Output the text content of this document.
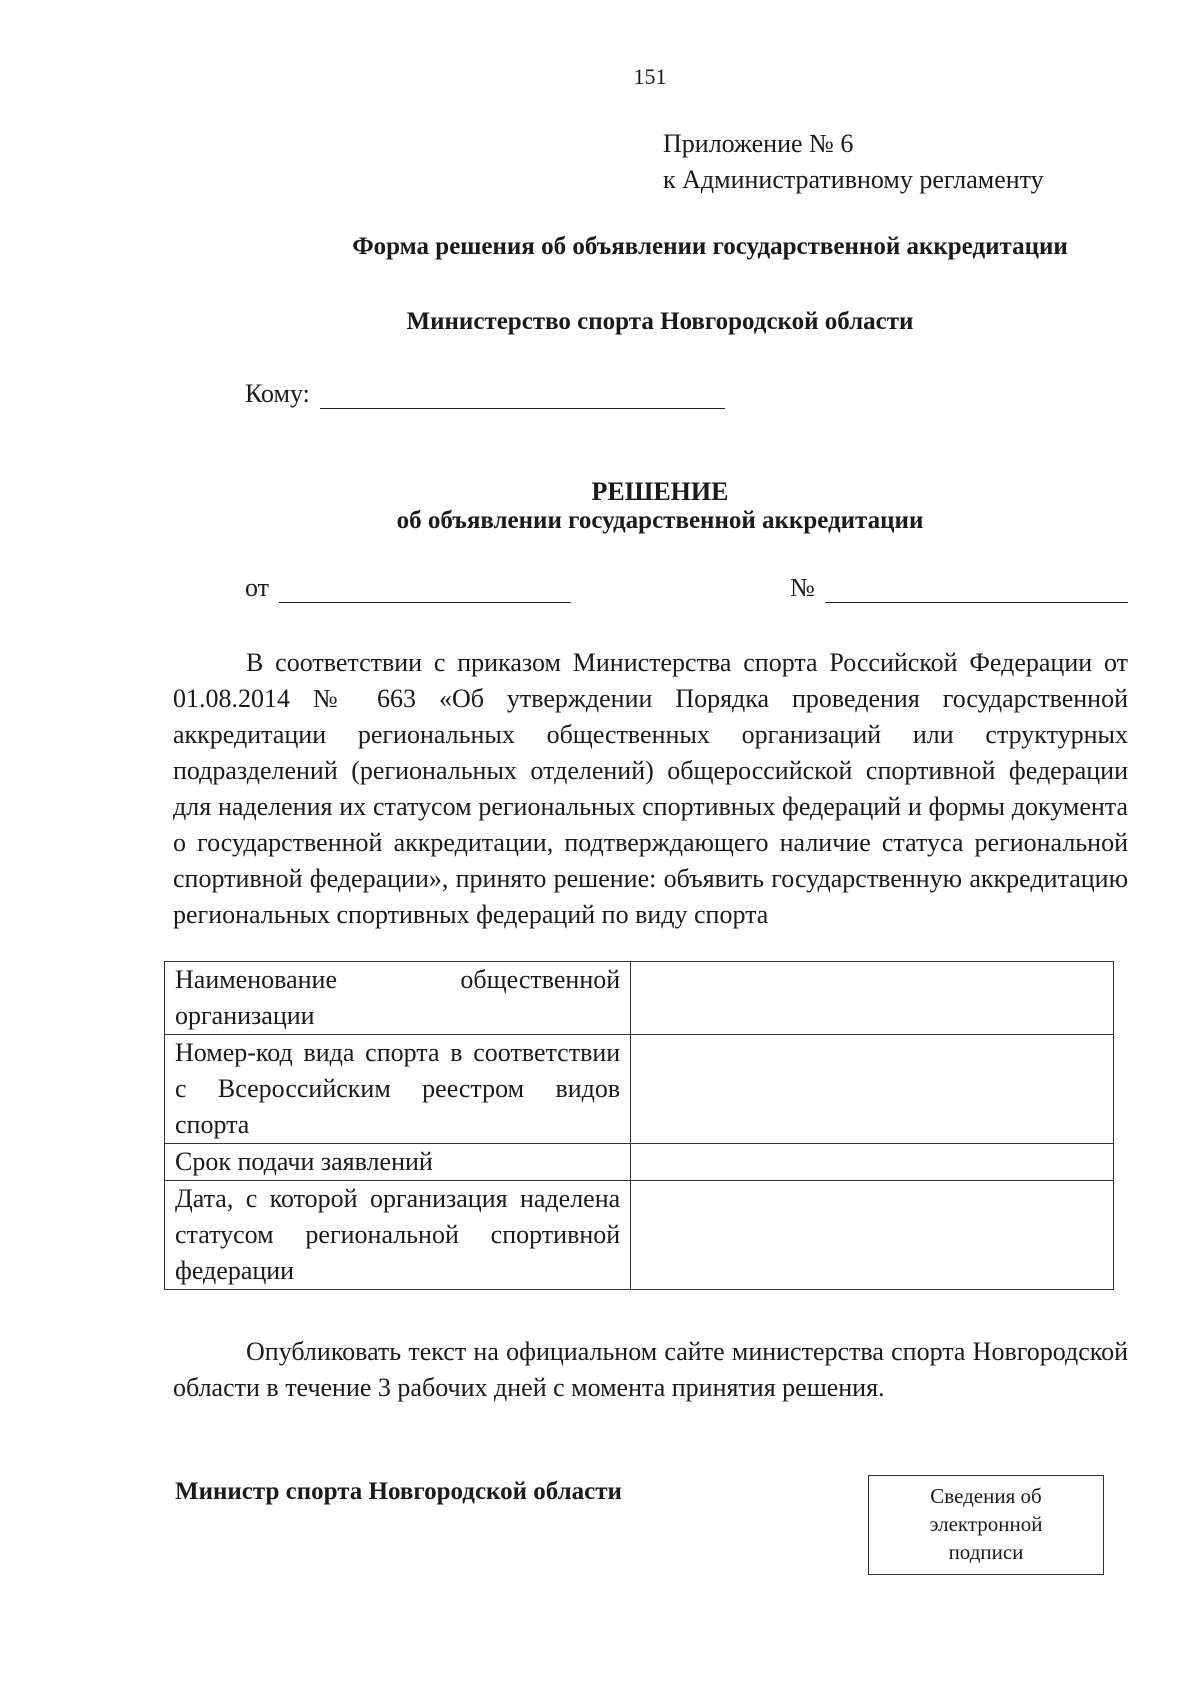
151
Приложение № 6
к Административному регламенту
Форма решения об объявлении государственной аккредитации
Министерство спорта Новгородской области
Кому:
РЕШЕНИЕ
об объявлении государственной аккредитации
от	№
В соответствии с приказом Министерства спорта Российской Федерации от 01.08.2014 № 663 «Об утверждении Порядка проведения государственной аккредитации региональных общественных организаций или структурных подразделений (региональных отделений) общероссийской спортивной федерации для наделения их статусом региональных спортивных федераций и формы документа о государственной аккредитации, подтверждающего наличие статуса региональной спортивной федерации», принято решение: объявить государственную аккредитацию региональных спортивных федераций по виду спорта
Наименование общественной организации	
Номер-код вида спорта в соответствии с Всероссийским реестром видов спорта	
Срок подачи заявлений	
Дата, с которой организация наделена статусом региональной спортивной федерации	
Опубликовать текст на официальном сайте министерства спорта Новгородской области в течение 3 рабочих дней с момента принятия решения.
Министр спорта Новгородской области	Сведения об
электронной
подписи
